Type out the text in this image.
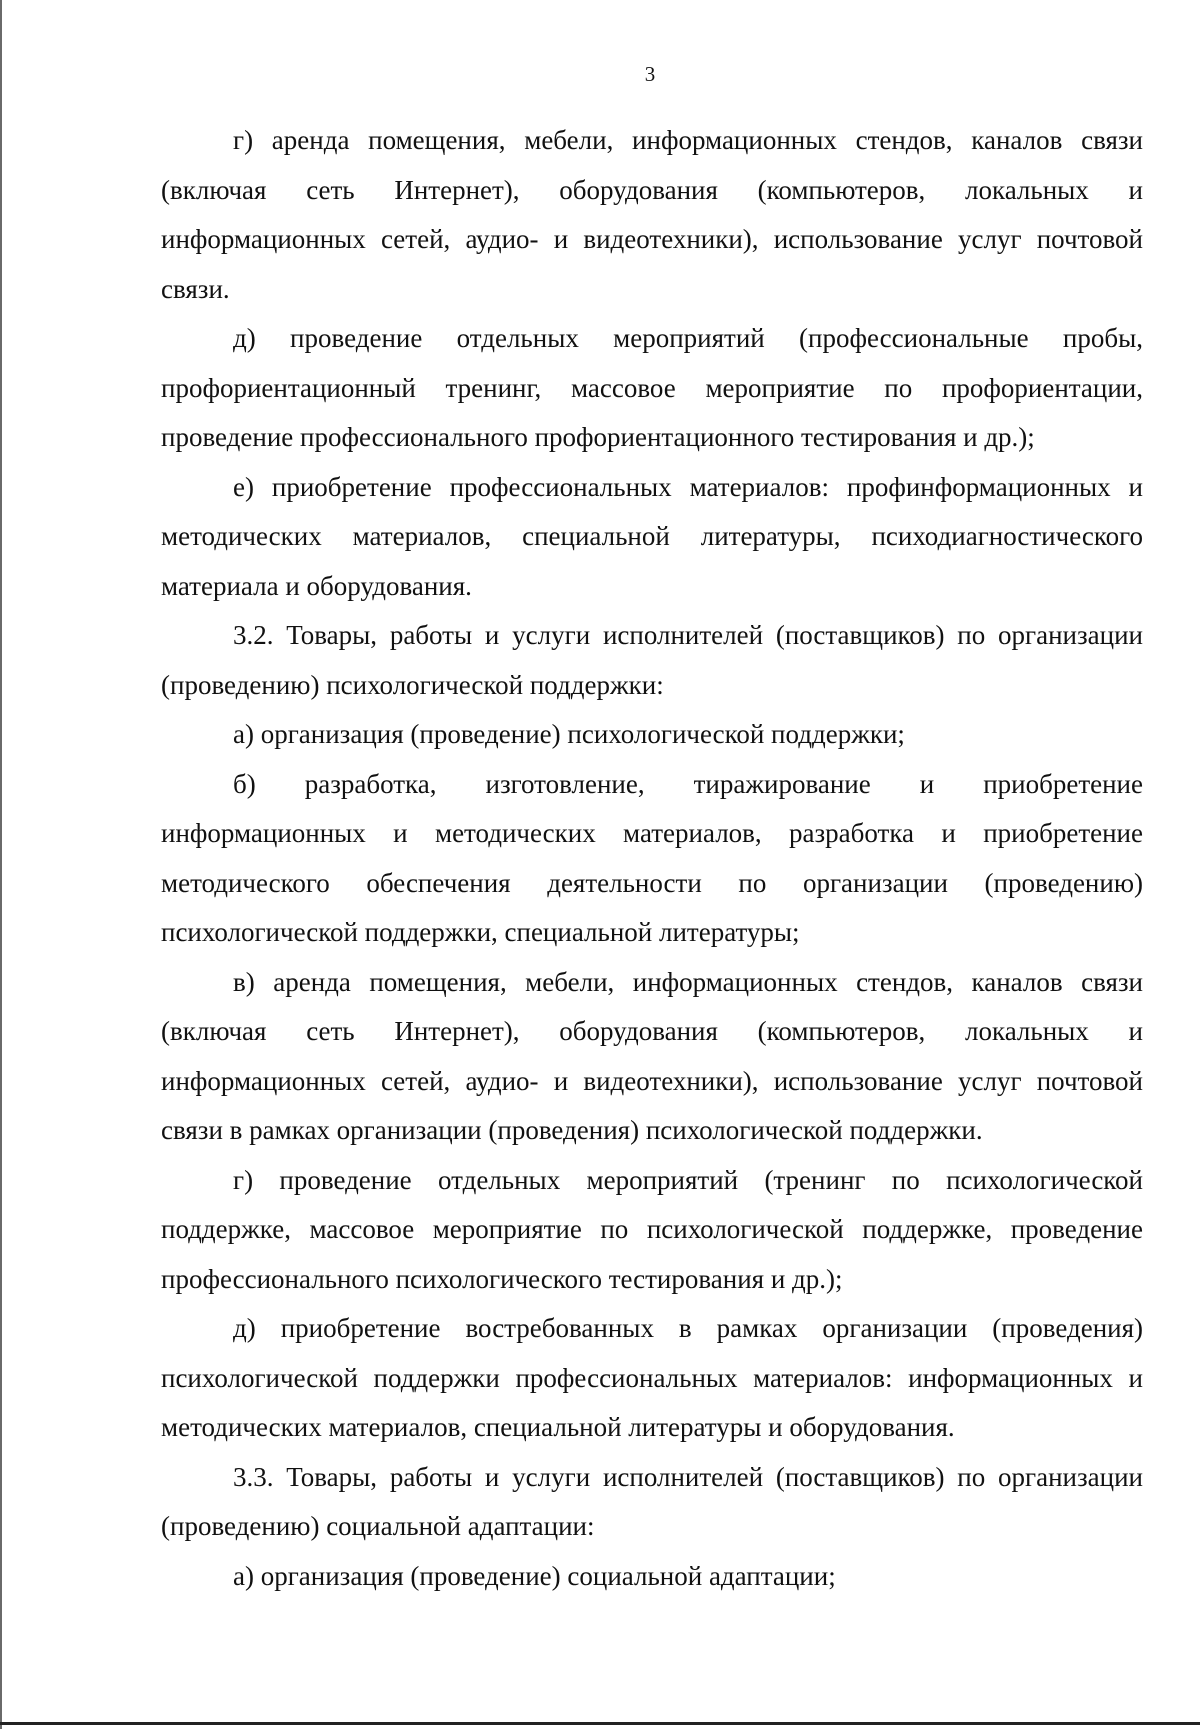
3

г) аренда помещения, мебели, информационных стендов, каналов связи (включая сеть Интернет), оборудования (компьютеров, локальных и информационных сетей, аудио- и видеотехники), использование услуг почтовой связи.

д) проведение отдельных мероприятий (профессиональные пробы, профориентационный тренинг, массовое мероприятие по профориентации, проведение профессионального профориентационного тестирования и др.);

е) приобретение профессиональных материалов: профинформационных и методических материалов, специальной литературы, психодиагностического материала и оборудования.

3.2. Товары, работы и услуги исполнителей (поставщиков) по организации (проведению) психологической поддержки:

а) организация (проведение) психологической поддержки;

б) разработка, изготовление, тиражирование и приобретение информационных и методических материалов, разработка и приобретение методического обеспечения деятельности по организации (проведению) психологической поддержки, специальной литературы;

в) аренда помещения, мебели, информационных стендов, каналов связи (включая сеть Интернет), оборудования (компьютеров, локальных и информационных сетей, аудио- и видеотехники), использование услуг почтовой связи в рамках организации (проведения) психологической поддержки.

г) проведение отдельных мероприятий (тренинг по психологической поддержке, массовое мероприятие по психологической поддержке, проведение профессионального психологического тестирования и др.);

д) приобретение востребованных в рамках организации (проведения) психологической поддержки профессиональных материалов: информационных и методических материалов, специальной литературы и оборудования.

3.3. Товары, работы и услуги исполнителей (поставщиков) по организации (проведению) социальной адаптации:

а) организация (проведение) социальной адаптации;
